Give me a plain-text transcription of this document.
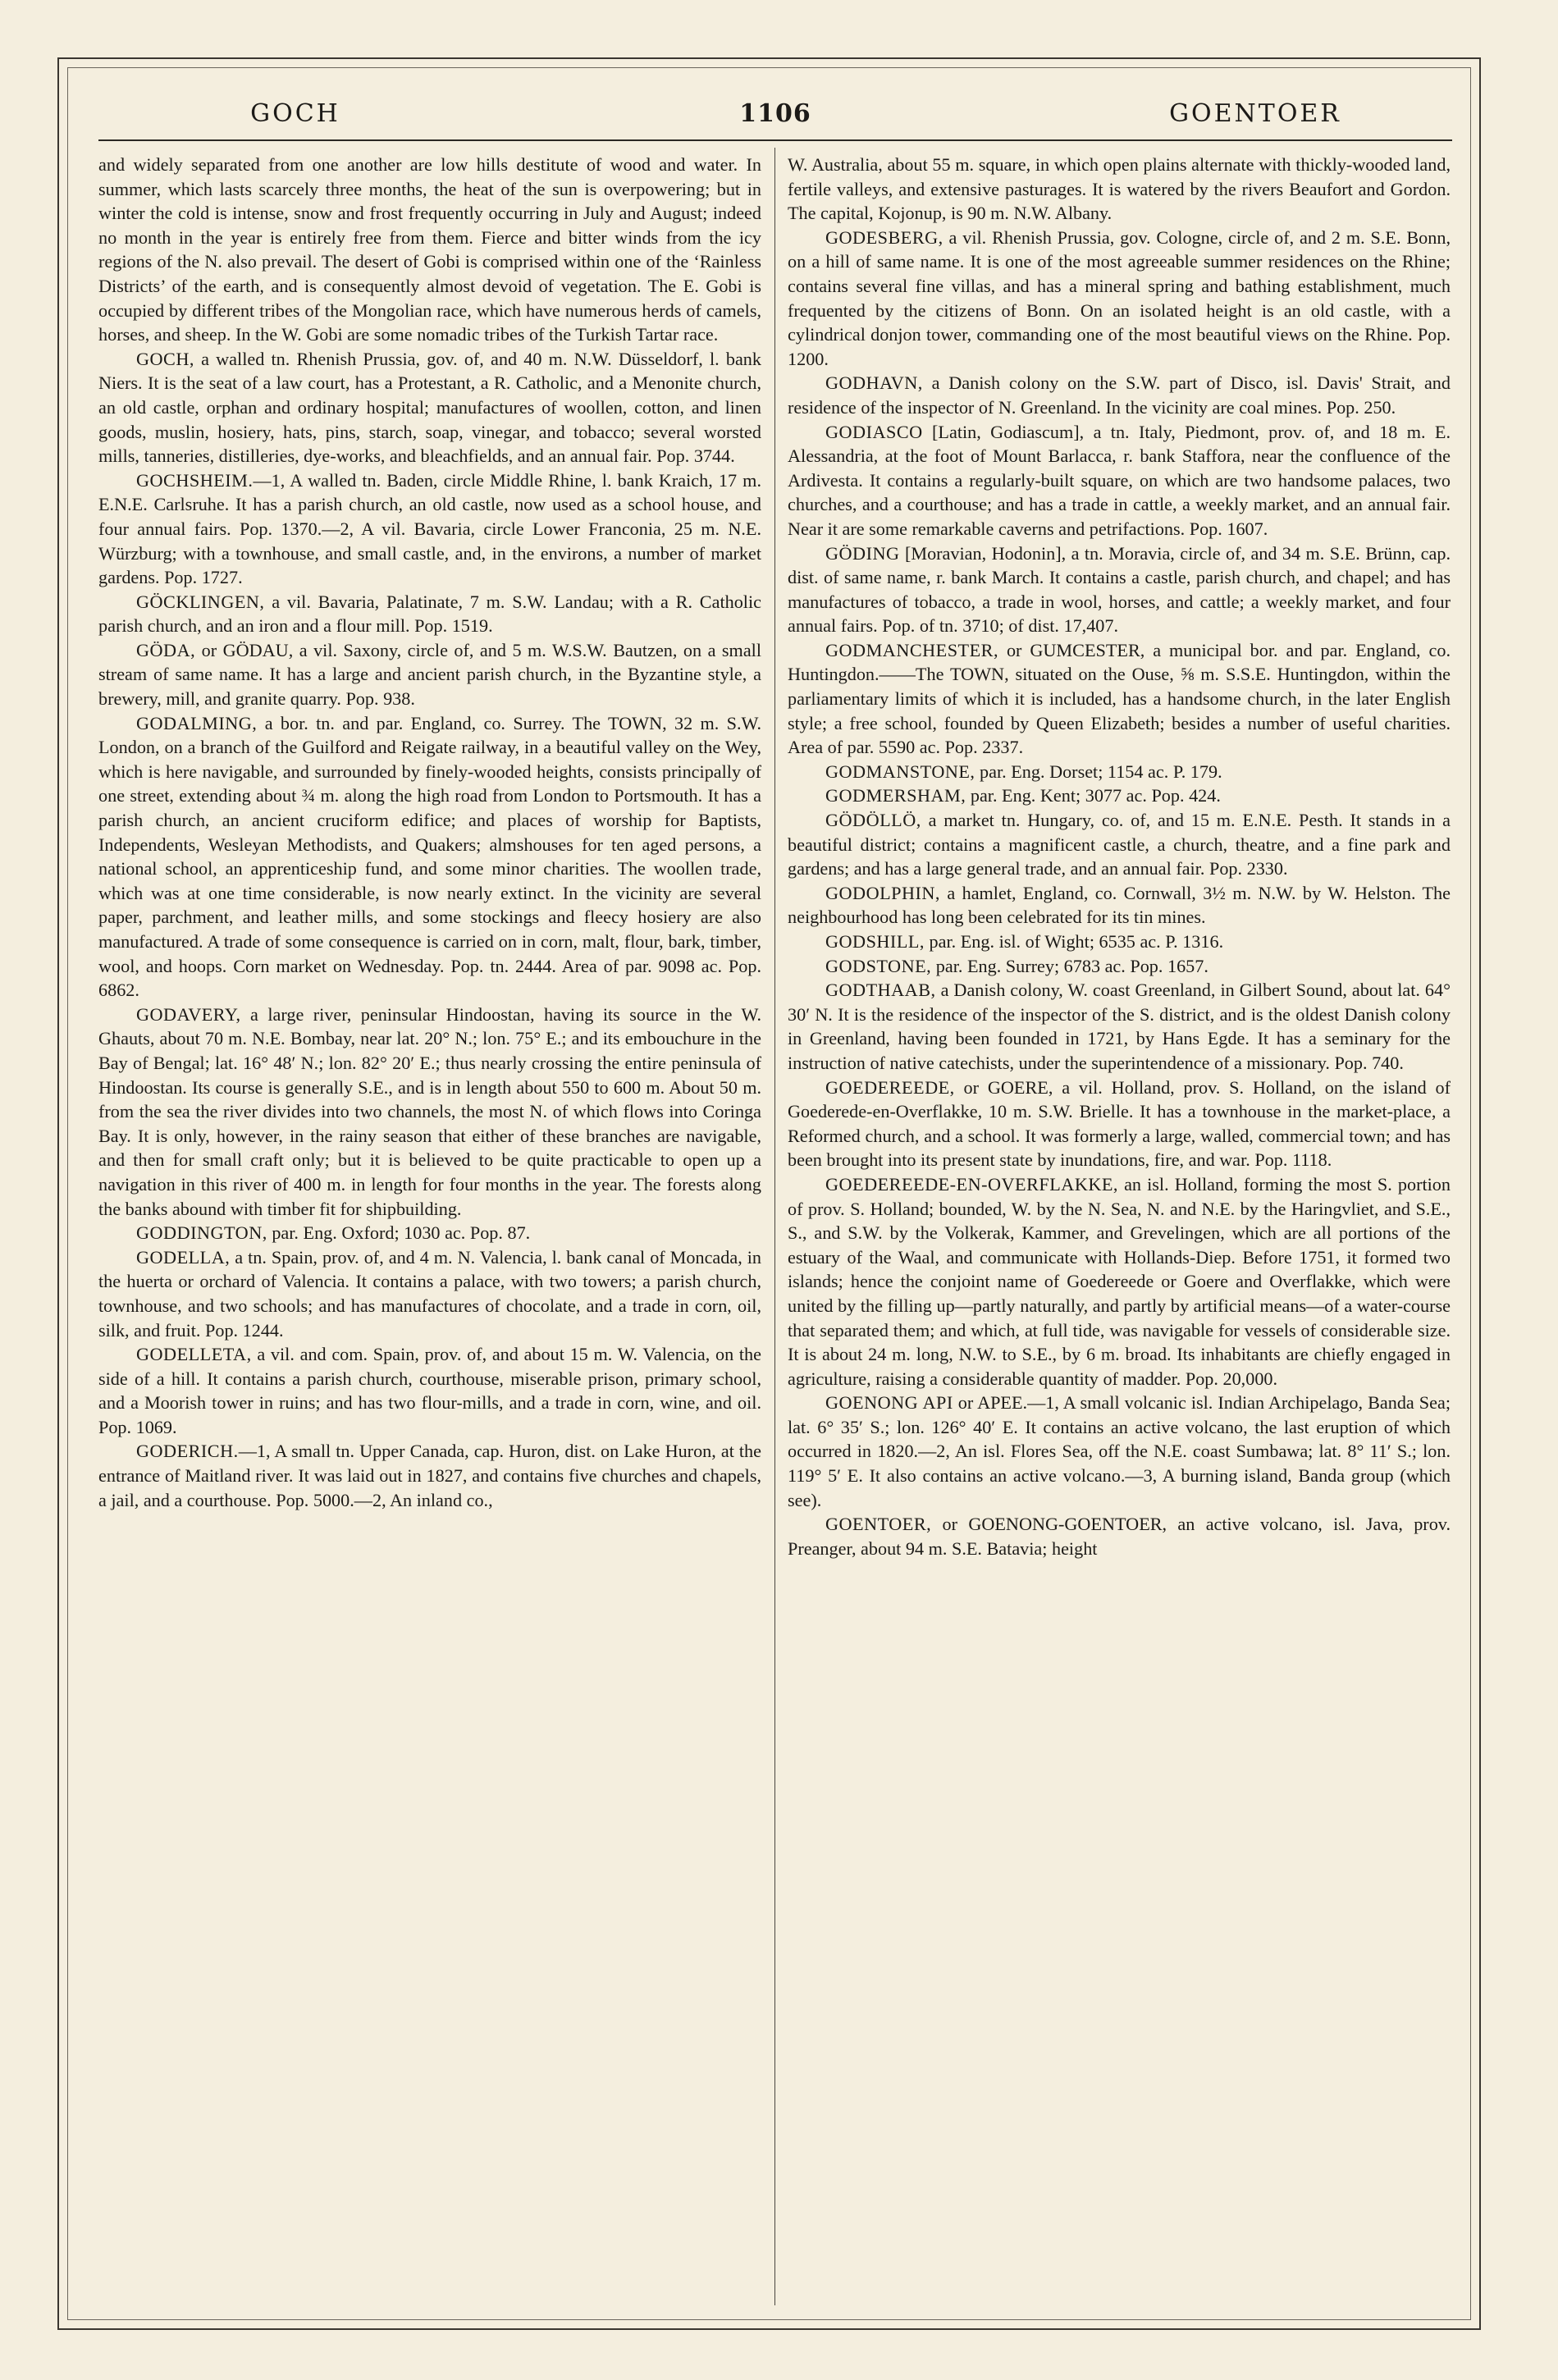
GOCH	1106	GOENTOER

and widely separated from one another are low hills destitute of wood and water. In summer, which lasts scarcely three months, the heat of the sun is overpowering; but in winter the cold is intense, snow and frost frequently occurring in July and August; indeed no month in the year is entirely free from them. Fierce and bitter winds from the icy regions of the N. also prevail. The desert of Gobi is comprised within one of the ‘Rainless Districts’ of the earth, and is consequently almost devoid of vegetation. The E. Gobi is occupied by different tribes of the Mongolian race, which have numerous herds of camels, horses, and sheep. In the W. Gobi are some nomadic tribes of the Turkish Tartar race.

GOCH, a walled tn. Rhenish Prussia, gov. of, and 40 m. N.W. Düsseldorf, l. bank Niers. It is the seat of a law court, has a Protestant, a R. Catholic, and a Menonite church, an old castle, orphan and ordinary hospital; manufactures of woollen, cotton, and linen goods, muslin, hosiery, hats, pins, starch, soap, vinegar, and tobacco; several worsted mills, tanneries, distilleries, dye-works, and bleachfields, and an annual fair. Pop. 3744.

GOCHSHEIM.—1, A walled tn. Baden, circle Middle Rhine, l. bank Kraich, 17 m. E.N.E. Carlsruhe. It has a parish church, an old castle, now used as a school house, and four annual fairs. Pop. 1370.—2, A vil. Bavaria, circle Lower Franconia, 25 m. N.E. Würzburg; with a townhouse, and small castle, and, in the environs, a number of market gardens. Pop. 1727.

GÖCKLINGEN, a vil. Bavaria, Palatinate, 7 m. S.W. Landau; with a R. Catholic parish church, and an iron and a flour mill. Pop. 1519.

GÖDA, or GÖDAU, a vil. Saxony, circle of, and 5 m. W.S.W. Bautzen, on a small stream of same name. It has a large and ancient parish church, in the Byzantine style, a brewery, mill, and granite quarry. Pop. 938.

GODALMING, a bor. tn. and par. England, co. Surrey. The TOWN, 32 m. S.W. London, on a branch of the Guilford and Reigate railway, in a beautiful valley on the Wey, which is here navigable, and surrounded by finely-wooded heights, consists principally of one street, extending about ¾ m. along the high road from London to Portsmouth. It has a parish church, an ancient cruciform edifice; and places of worship for Baptists, Independents, Wesleyan Methodists, and Quakers; almshouses for ten aged persons, a national school, an apprenticeship fund, and some minor charities. The woollen trade, which was at one time considerable, is now nearly extinct. In the vicinity are several paper, parchment, and leather mills, and some stockings and fleecy hosiery are also manufactured. A trade of some consequence is carried on in corn, malt, flour, bark, timber, wool, and hoops. Corn market on Wednesday. Pop. tn. 2444. Area of par. 9098 ac. Pop. 6862.

GODAVERY, a large river, peninsular Hindoostan, having its source in the W. Ghauts, about 70 m. N.E. Bombay, near lat. 20° N.; lon. 75° E.; and its embouchure in the Bay of Bengal; lat. 16° 48′ N.; lon. 82° 20′ E.; thus nearly crossing the entire peninsula of Hindoostan. Its course is generally S.E., and is in length about 550 to 600 m. About 50 m. from the sea the river divides into two channels, the most N. of which flows into Coringa Bay. It is only, however, in the rainy season that either of these branches are navigable, and then for small craft only; but it is believed to be quite practicable to open up a navigation in this river of 400 m. in length for four months in the year. The forests along the banks abound with timber fit for shipbuilding.

GODDINGTON, par. Eng. Oxford; 1030 ac. Pop. 87.

GODELLA, a tn. Spain, prov. of, and 4 m. N. Valencia, l. bank canal of Moncada, in the huerta or orchard of Valencia. It contains a palace, with two towers; a parish church, townhouse, and two schools; and has manufactures of chocolate, and a trade in corn, oil, silk, and fruit. Pop. 1244.

GODELLETA, a vil. and com. Spain, prov. of, and about 15 m. W. Valencia, on the side of a hill. It contains a parish church, courthouse, miserable prison, primary school, and a Moorish tower in ruins; and has two flour-mills, and a trade in corn, wine, and oil. Pop. 1069.

GODERICH.—1, A small tn. Upper Canada, cap. Huron, dist. on Lake Huron, at the entrance of Maitland river. It was laid out in 1827, and contains five churches and chapels, a jail, and a courthouse. Pop. 5000.—2, An inland co.,

W. Australia, about 55 m. square, in which open plains alternate with thickly-wooded land, fertile valleys, and extensive pasturages. It is watered by the rivers Beaufort and Gordon. The capital, Kojonup, is 90 m. N.W. Albany.

GODESBERG, a vil. Rhenish Prussia, gov. Cologne, circle of, and 2 m. S.E. Bonn, on a hill of same name. It is one of the most agreeable summer residences on the Rhine; contains several fine villas, and has a mineral spring and bathing establishment, much frequented by the citizens of Bonn. On an isolated height is an old castle, with a cylindrical donjon tower, commanding one of the most beautiful views on the Rhine. Pop. 1200.

GODHAVN, a Danish colony on the S.W. part of Disco, isl. Davis' Strait, and residence of the inspector of N. Greenland. In the vicinity are coal mines. Pop. 250.

GODIASCO [Latin, Godiascum], a tn. Italy, Piedmont, prov. of, and 18 m. E. Alessandria, at the foot of Mount Barlacca, r. bank Staffora, near the confluence of the Ardivesta. It contains a regularly-built square, on which are two handsome palaces, two churches, and a courthouse; and has a trade in cattle, a weekly market, and an annual fair. Near it are some remarkable caverns and petrifactions. Pop. 1607.

GÖDING [Moravian, Hodonin], a tn. Moravia, circle of, and 34 m. S.E. Brünn, cap. dist. of same name, r. bank March. It contains a castle, parish church, and chapel; and has manufactures of tobacco, a trade in wool, horses, and cattle; a weekly market, and four annual fairs. Pop. of tn. 3710; of dist. 17,407.

GODMANCHESTER, or GUMCESTER, a municipal bor. and par. England, co. Huntingdon.——The TOWN, situated on the Ouse, ⅝ m. S.S.E. Huntingdon, within the parliamentary limits of which it is included, has a handsome church, in the later English style; a free school, founded by Queen Elizabeth; besides a number of useful charities. Area of par. 5590 ac. Pop. 2337.

GODMANSTONE, par. Eng. Dorset; 1154 ac. P. 179.

GODMERSHAM, par. Eng. Kent; 3077 ac. Pop. 424.

GÖDÖLLÖ, a market tn. Hungary, co. of, and 15 m. E.N.E. Pesth. It stands in a beautiful district; contains a magnificent castle, a church, theatre, and a fine park and gardens; and has a large general trade, and an annual fair. Pop. 2330.

GODOLPHIN, a hamlet, England, co. Cornwall, 3½ m. N.W. by W. Helston. The neighbourhood has long been celebrated for its tin mines.

GODSHILL, par. Eng. isl. of Wight; 6535 ac. P. 1316.

GODSTONE, par. Eng. Surrey; 6783 ac. Pop. 1657.

GODTHAAB, a Danish colony, W. coast Greenland, in Gilbert Sound, about lat. 64° 30′ N. It is the residence of the inspector of the S. district, and is the oldest Danish colony in Greenland, having been founded in 1721, by Hans Egde. It has a seminary for the instruction of native catechists, under the superintendence of a missionary. Pop. 740.

GOEDEREEDE, or GOERE, a vil. Holland, prov. S. Holland, on the island of Goederede-en-Overflakke, 10 m. S.W. Brielle. It has a townhouse in the market-place, a Reformed church, and a school. It was formerly a large, walled, commercial town; and has been brought into its present state by inundations, fire, and war. Pop. 1118.

GOEDEREEDE-EN-OVERFLAKKE, an isl. Holland, forming the most S. portion of prov. S. Holland; bounded, W. by the N. Sea, N. and N.E. by the Haringvliet, and S.E., S., and S.W. by the Volkerak, Kammer, and Grevelingen, which are all portions of the estuary of the Waal, and communicate with Hollands-Diep. Before 1751, it formed two islands; hence the conjoint name of Goedereede or Goere and Overflakke, which were united by the filling up—partly naturally, and partly by artificial means—of a water-course that separated them; and which, at full tide, was navigable for vessels of considerable size. It is about 24 m. long, N.W. to S.E., by 6 m. broad. Its inhabitants are chiefly engaged in agriculture, raising a considerable quantity of madder. Pop. 20,000.

GOENONG API or APEE.—1, A small volcanic isl. Indian Archipelago, Banda Sea; lat. 6° 35′ S.; lon. 126° 40′ E. It contains an active volcano, the last eruption of which occurred in 1820.—2, An isl. Flores Sea, off the N.E. coast Sumbawa; lat. 8° 11′ S.; lon. 119° 5′ E. It also contains an active volcano.—3, A burning island, Banda group (which see).

GOENTOER, or GOENONG-GOENTOER, an active volcano, isl. Java, prov. Preanger, about 94 m. S.E. Batavia; height
